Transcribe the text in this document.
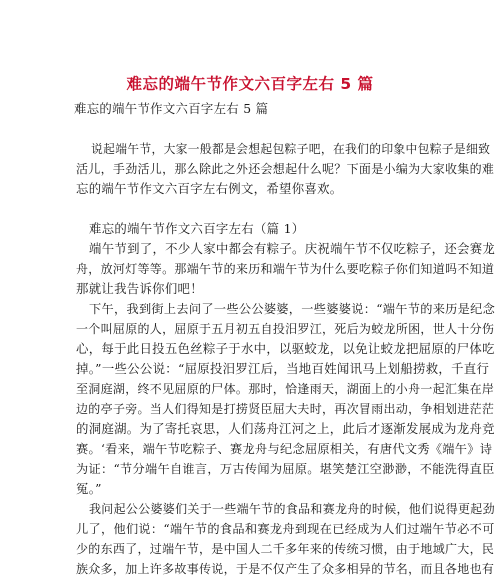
难忘的端午节作文六百字左右 5 篇
难忘的端午节作文六百字左右 5 篇
说起端午节，大家一般都是会想起包粽子吧，在我们的印象中包粽子是细致
活儿，手劲活儿，那么除此之外还会想起什么呢？下面是小编为大家收集的难
忘的端午节作文六百字左右例文，希望你喜欢。
难忘的端午节作文六百字左右（篇 1）
端午节到了，不少人家中都会有粽子。庆祝端午节不仅吃粽子，还会赛龙
舟，放河灯等等。那端午节的来历和端午节为什么要吃粽子你们知道吗不知道
那就让我告诉你们吧！
下午，我到街上去问了一些公公婆婆，一些婆婆说：“端午节的来历是纪念
一个叫屈原的人，屈原于五月初五自投汨罗江，死后为蛟龙所困，世人十分伤
心，每于此日投五色丝粽子于水中，以驱蛟龙，以免让蛟龙把屈原的尸体吃
掉。”一些公公说：“屈原投汨罗江后，当地百姓闻讯马上划船捞救，千直行
至洞庭湖，终不见屈原的尸体。那时，恰逢雨天，湖面上的小舟一起汇集在岸
边的亭子旁。当人们得知是打捞贤臣屈大夫时，再次冒雨出动，争相划进茫茫
的洞庭湖。为了寄托哀思，人们荡舟江河之上，此后才逐渐发展成为龙舟竞
赛。‘看来，端午节吃粽子、赛龙舟与纪念屈原相关，有唐代文秀《端午》诗
为证：“节分端午自谁言，万古传闻为屈原。堪笑楚江空渺渺，不能洗得直臣
冤。”
我问起公公婆婆们关于一些端午节的食品和赛龙舟的时候，他们说得更起劲
儿了，他们说：“端午节的食品和赛龙舟到现在已经成为人们过端午节必不可
少的东西了，过端午节，是中国人二千多年来的传统习惯，由于地域广大，民
族众多，加上许多故事传说，于是不仅产生了众多相异的节名，而且各地也有
